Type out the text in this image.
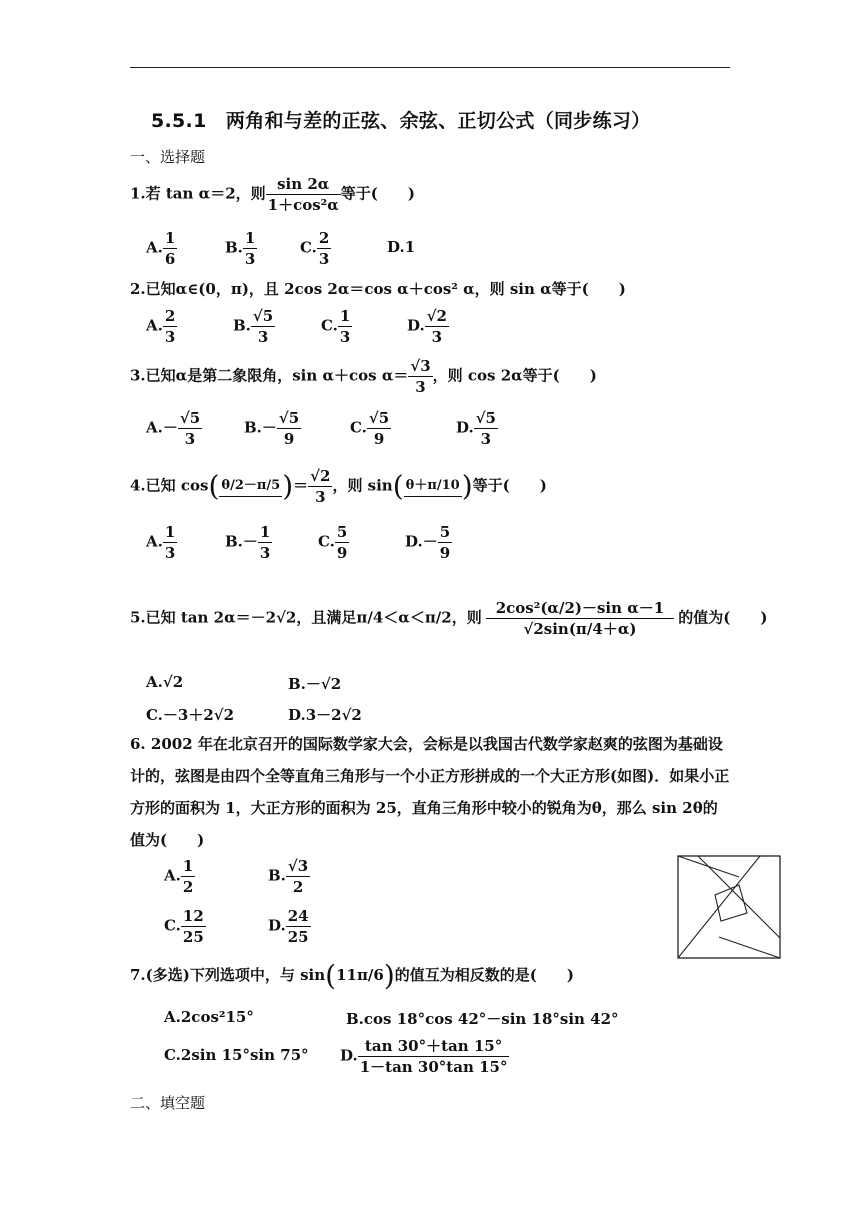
5.5.1　两角和与差的正弦、余弦、正切公式（同步练习）
一、选择题
1.若 tan α＝2，则 $\frac{\sin 2\alpha}{\text{1＋cos²α}}$ 等于(　　)
A. $\frac{1}{6}$	B. $\frac{1}{3}$	C. $\frac{2}{3}$	D.1
2.已知α∈(0，π)，且 2cos 2α＝cos α＋cos² α，则 sin α等于(　　)
A. $\frac{2}{3}$	B. $\frac{√5}{3}$	C. $\frac{1}{3}$	D. $\frac{√2}{3}$
3.已知α是第二象限角，sin α＋cos $\alpha= \frac{√3}{3}$ ，则 cos 2α等于(　　)
$A.- \frac{√5}{3}$	$B.- \frac{√5}{9}$	C. $\frac{√5}{9}$	D. $\frac{√5}{3}$
4.已知 cos( θ/2－π/5 )＝ $\frac{√2}{3}$ ，则 sin( θ＋π/10 )等于(　　)
A. $\frac{1}{3}$	$B.- \frac{1}{3}$	C. $\frac{5}{9}$	$D.- \frac{5}{9}$
5.已知 tan 2α＝－2√2，且满足π/4＜α＜π/2，则 $\frac{\text{2cos²(α/2)－sin α－1}}{√2\sin(\pi/4+\alpha)}$ 的值为(　　)
A.√2	B.－√2
C.－3＋2√2	D.3－2√2
6. 2002 年在北京召开的国际数学家大会，会标是以我国古代数学家赵爽的弦图为基础设计的，弦图是由四个全等直角三角形与一个小正方形拼成的一个大正方形(如图)．如果小正方形的面积为 1，大正方形的面积为 25，直角三角形中较小的锐角为θ，那么 sin 2θ的值为(　　)
A. $\frac{1}{2}$	B. $\frac{√3}{2}$
C. $\frac{12}{25}$	D. $\frac{24}{25}$
7.(多选)下列选项中，与 sin(11π/6)的值互为相反数的是(　　)
A.2cos²15°	B.cos 18°cos 42°－sin 18°sin 42°
C.2sin 15°sin 75° D. $\frac{\tan 30^\circ+\tan 15^\circ}{1-\tan 30^\circ\tan 15^\circ}$
二、填空题
